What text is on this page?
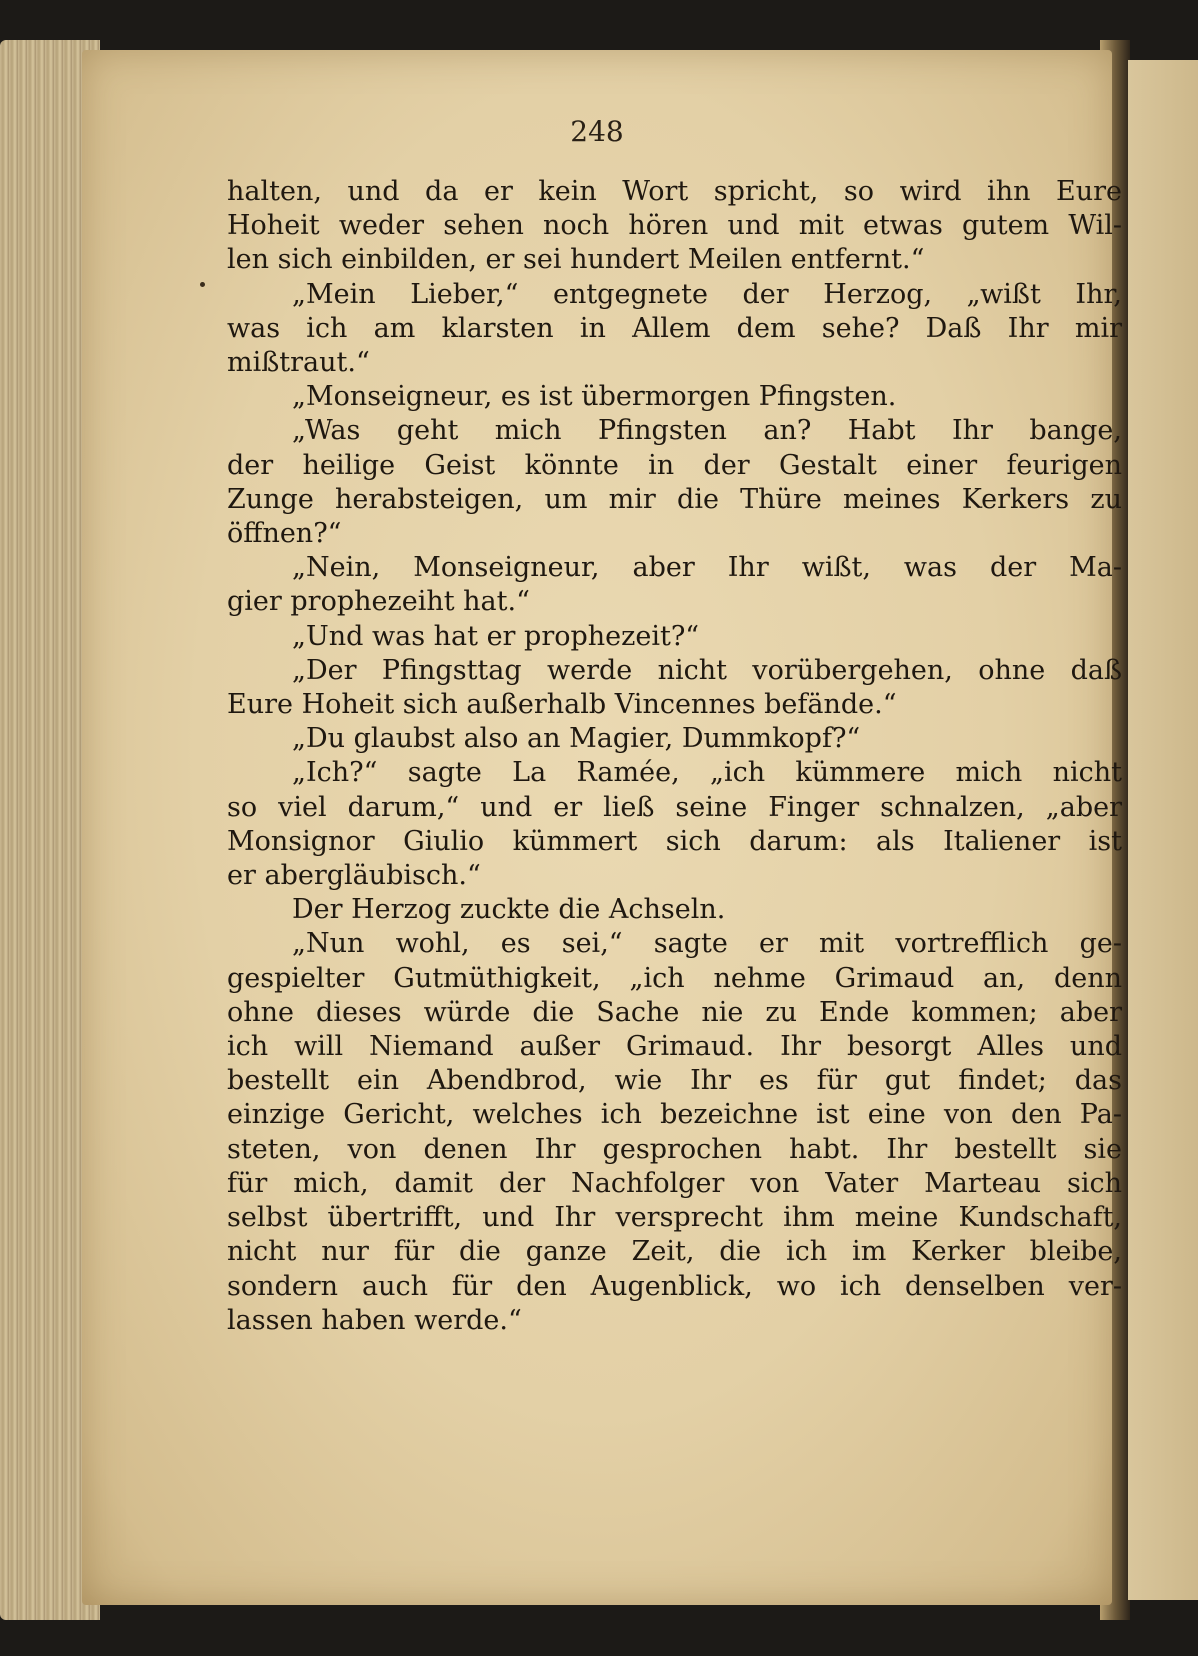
248
halten, und da er kein Wort spricht, so wird ihn Eure
Hoheit weder sehen noch hören und mit etwas gutem Wil-
len sich einbilden, er sei hundert Meilen entfernt.“
„Mein Lieber,“ entgegnete der Herzog, „wißt Ihr,
was ich am klarsten in Allem dem sehe? Daß Ihr mir
mißtraut.“
„Monseigneur, es ist übermorgen Pfingsten.
„Was geht mich Pfingsten an? Habt Ihr bange,
der heilige Geist könnte in der Gestalt einer feurigen
Zunge herabsteigen, um mir die Thüre meines Kerkers zu
öffnen?“
„Nein, Monseigneur, aber Ihr wißt, was der Ma-
gier prophezeiht hat.“
„Und was hat er prophezeit?“
„Der Pfingsttag werde nicht vorübergehen, ohne daß
Eure Hoheit sich außerhalb Vincennes befände.“
„Du glaubst also an Magier, Dummkopf?“
„Ich?“ sagte La Ramée, „ich kümmere mich nicht
so viel darum,“ und er ließ seine Finger schnalzen, „aber
Monsignor Giulio kümmert sich darum: als Italiener ist
er abergläubisch.“
Der Herzog zuckte die Achseln.
„Nun wohl, es sei,“ sagte er mit vortrefflich ge-
gespielter Gutmüthigkeit, „ich nehme Grimaud an, denn
ohne dieses würde die Sache nie zu Ende kommen; aber
ich will Niemand außer Grimaud. Ihr besorgt Alles und
bestellt ein Abendbrod, wie Ihr es für gut findet; das
einzige Gericht, welches ich bezeichne ist eine von den Pa-
steten, von denen Ihr gesprochen habt. Ihr bestellt sie
für mich, damit der Nachfolger von Vater Marteau sich
selbst übertrifft, und Ihr versprecht ihm meine Kundschaft,
nicht nur für die ganze Zeit, die ich im Kerker bleibe,
sondern auch für den Augenblick, wo ich denselben ver-
lassen haben werde.“
